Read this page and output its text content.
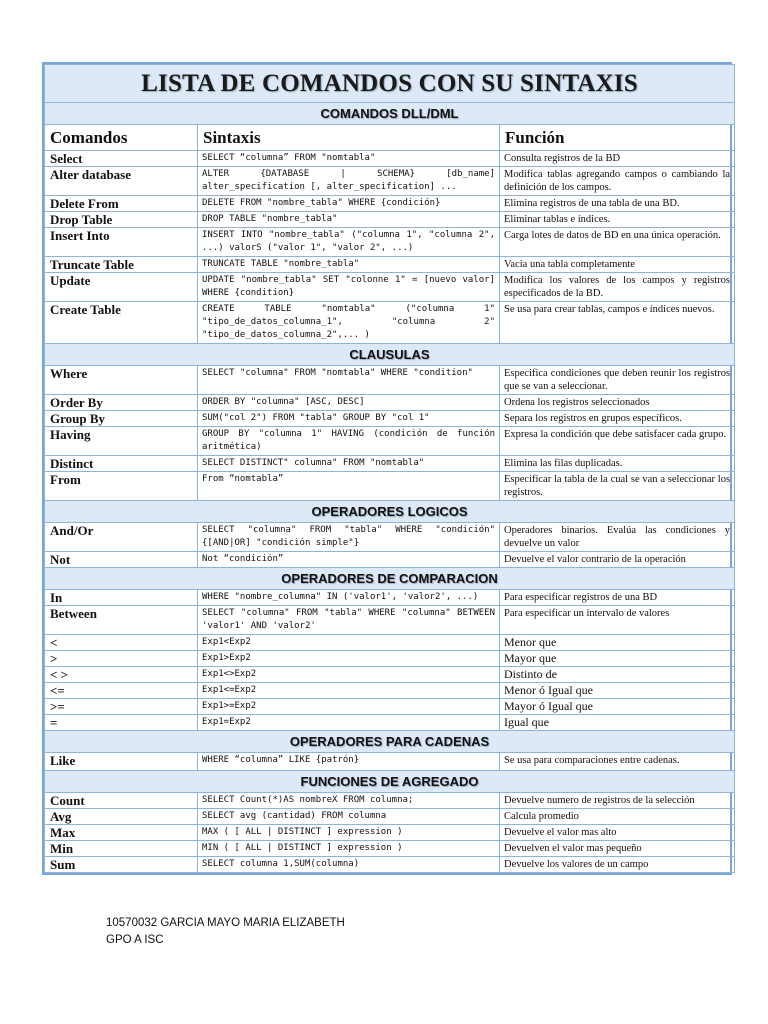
LISTA DE COMANDOS CON SU SINTAXIS		
COMANDOS DLL/DML		
Comandos	Sintaxis	Función
Select	SELECT “columna” FROM "nomtabla"	Consulta registros de la BD
Alter database	ALTER {DATABASE | SCHEMA} [db_name] alter_specification [, alter_specification] ...	Modifica tablas agregando campos o cambiando la definición de los campos.
Delete From	DELETE FROM "nombre_tabla" WHERE {condición}	Elimina registros de una tabla de una BD.
Drop Table	DROP TABLE "nombre_tabla"	Eliminar tablas e índices.
Insert Into	INSERT INTO "nombre_tabla" ("columna 1", "columna 2", ...) valorS ("valor 1", "valor 2", ...)	Carga lotes de datos de BD en una única operación.
Truncate Table	TRUNCATE TABLE "nombre_tabla"	Vacia una tabla completamente
Update	UPDATE "nombre_tabla" SET "colonne 1" = [nuevo valor] WHERE {condition}	Modifica los valores de los campos y registros especificados de la BD.
Create Table	CREATE TABLE "nomtabla" ("columna 1" "tipo_de_datos_columna_1", "columna 2" "tipo_de_datos_columna_2",... )	Se usa para crear tablas, campos e índices nuevos.
CLAUSULAS		
Where	SELECT "columna" FROM "nomtabla" WHERE "condition"	Especifica condiciones que deben reunir los registros que se van a seleccionar.
Order By	ORDER BY "columna" [ASC, DESC]	Ordena los registros seleccionados
Group By	SUM("col 2") FROM "tabla" GROUP BY "col 1"	Separa los registros en grupos específicos.
Having	GROUP BY "columna 1" HAVING (condición de función aritmética)	Expresa la condición que debe satisfacer cada grupo.
Distinct	SELECT DISTINCT" columna" FROM "nomtabla"	Elimina las filas duplicadas.
From	From “nomtabla”	Especificar la tabla de la cual se van a seleccionar los registros.
OPERADORES LOGICOS		
And/Or	SELECT "columna" FROM "tabla" WHERE "condición" {[AND|OR] "condición simple"}	Operadores binarios. Evalúa las condiciones y devuelve un valor
Not	Not “condición”	Devuelve el valor contrario de la operación
OPERADORES DE COMPARACION		
In	WHERE "nombre_columna" IN ('valor1', 'valor2', ...)	Para especificar registros de una BD
Between	SELECT "columna" FROM "tabla" WHERE "columna" BETWEEN 'valor1' AND 'valor2'	Para especificar un intervalo de valores
<	Exp1<Exp2	Menor que
>	Exp1>Exp2	Mayor que
< >	Exp1<>Exp2	Distinto de
<=	Exp1<=Exp2	Menor ó Igual que
>=	Exp1>=Exp2	Mayor ó Igual que
=	Exp1=Exp2	Igual que
OPERADORES PARA CADENAS		
Like	WHERE “columna” LIKE {patrón}	Se usa para comparaciones entre cadenas.
FUNCIONES DE AGREGADO		
Count	SELECT Count(*)AS nombreX FROM columna;	Devuelve numero de registros de la selección
Avg	SELECT avg (cantidad) FROM columna	Calcula promedio
Max	MAX ( [ ALL | DISTINCT ] expression )	Devuelve el valor mas alto
Min	MIN ( [ ALL | DISTINCT ] expression )	Devuelven el valor mas pequeño
Sum	SELECT columna 1,SUM(columna)	Devuelve los valores de un campo
10570032 GARCIA MAYO MARIA ELIZABETH
GPO A ISC
